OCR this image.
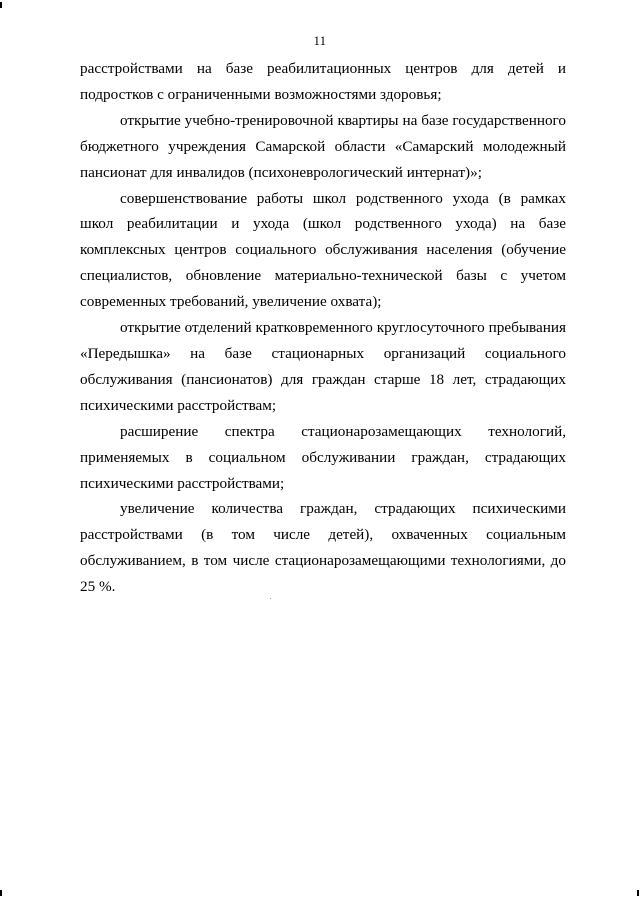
11

расстройствами на базе реабилитационных центров для детей и подростков с ограниченными возможностями здоровья;

открытие учебно-тренировочной квартиры на базе государственного бюджетного учреждения Самарской области «Самарский молодежный пансионат для инвалидов (психоневрологический интернат)»;

совершенствование работы школ родственного ухода (в рамках школ реабилитации и ухода (школ родственного ухода) на базе комплексных центров социального обслуживания населения (обучение специалистов, обновление материально-технической базы с учетом современных требований, увеличение охвата);

открытие отделений кратковременного круглосуточного пребывания «Передышка» на базе стационарных организаций социального обслуживания (пансионатов) для граждан старше 18 лет, страдающих психическими расстройствам;

расширение спектра стационарозамещающих технологий, применяемых в социальном обслуживании граждан, страдающих психическими расстройствами;

увеличение количества граждан, страдающих психическими расстройствами (в том числе детей), охваченных социальным обслуживанием, в том числе стационарозамещающими технологиями, до 25 %.
